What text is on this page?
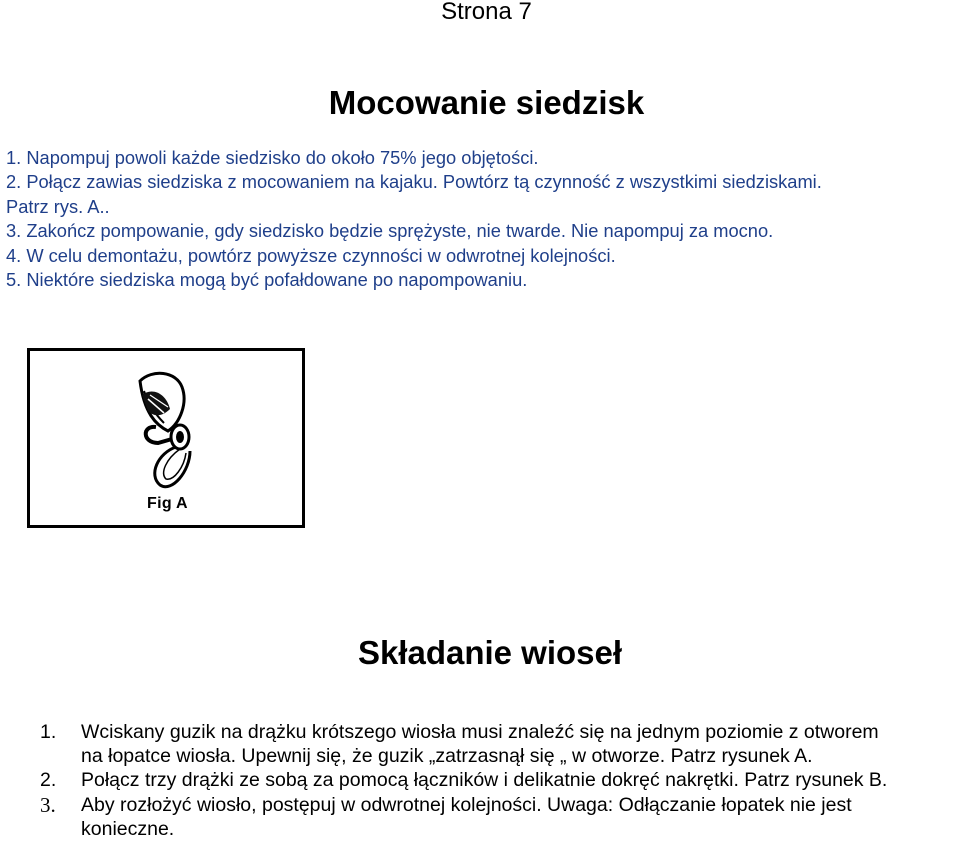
Strona 7
Mocowanie siedzisk
1. Napompuj powoli każde siedzisko do około 75% jego objętości.
2. Połącz zawias siedziska z mocowaniem na kajaku. Powtórz tą czynność z wszystkimi siedziskami.
Patrz rys. A..
3. Zakończ pompowanie, gdy siedzisko będzie sprężyste, nie twarde. Nie napompuj za mocno.
4. W celu demontażu, powtórz powyższe czynności w odwrotnej kolejności.
5. Niektóre siedziska mogą być pofałdowane po napompowaniu.
Fig A
Składanie wioseł
1. Wciskany guzik na drążku krótszego wiosła musi znaleźć się na jednym poziomie z otworem
na łopatce wiosła. Upewnij się, że guzik „zatrzasnął się „ w otworze. Patrz rysunek A.
2. Połącz trzy drążki ze sobą za pomocą łączników i delikatnie dokręć nakrętki. Patrz rysunek B.
3. Aby rozłożyć wiosło, postępuj w odwrotnej kolejności. Uwaga: Odłączanie łopatek nie jest
konieczne.
